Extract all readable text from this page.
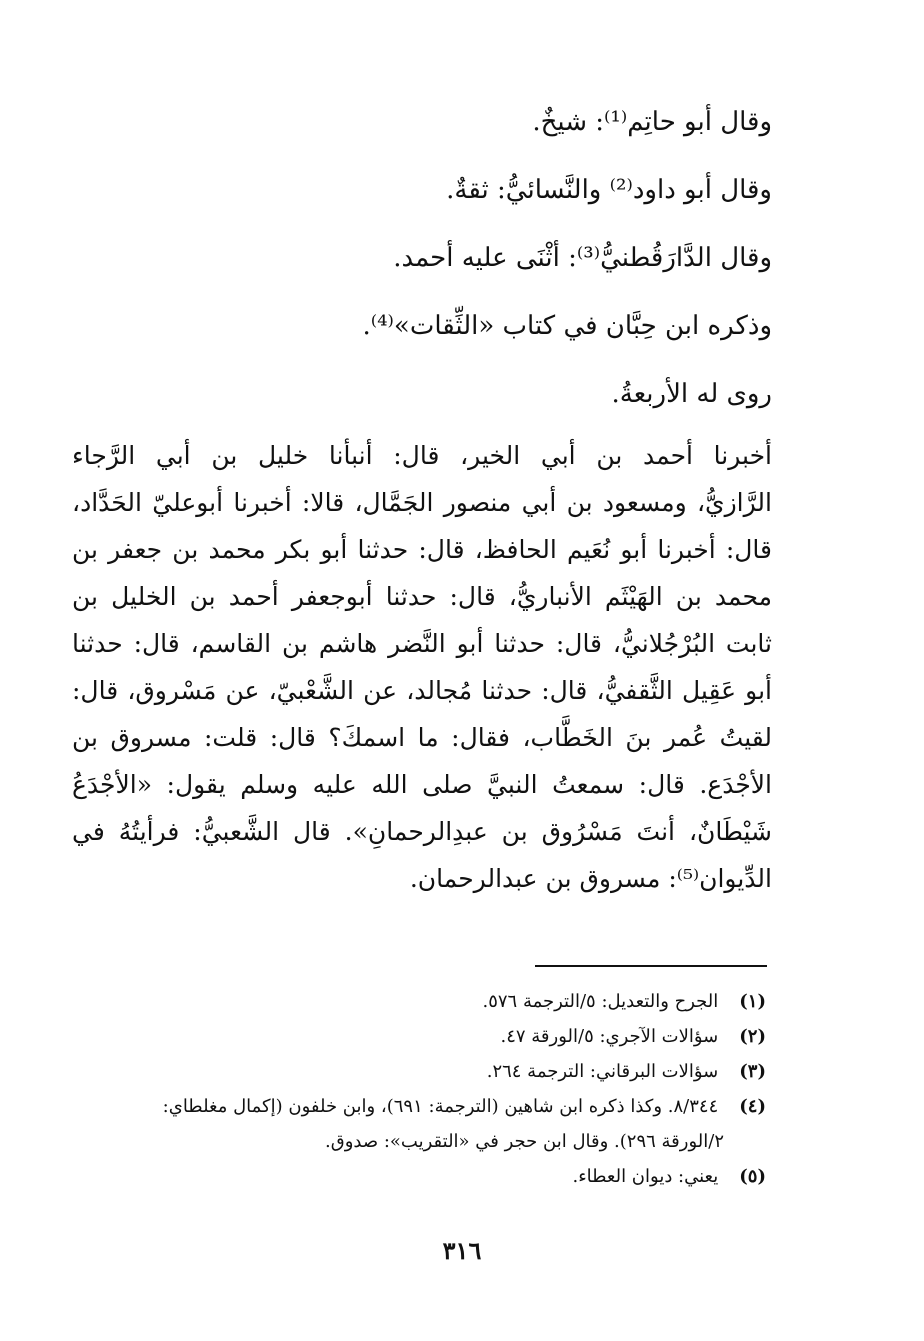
وقال أبو حاتِم⁽¹⁾: شيخٌ.
وقال أبو داود⁽²⁾ والنَّسائيُّ: ثقةٌ.
وقال الدَّارَقُطنيُّ⁽³⁾: أثْنَى عليه أحمد.
وذكره ابن حِبَّان في كتاب «الثِّقات»⁽⁴⁾.
روى له الأربعةُ.
أخبرنا أحمد بن أبي الخير، قال: أنبأنا خليل بن أبي الرَّجاء
الرَّازيُّ، ومسعود بن أبي منصور الجَمَّال، قالا: أخبرنا أبوعليّ الحَدَّاد،
قال: أخبرنا أبو نُعَيم الحافظ، قال: حدثنا أبو بكر محمد بن جعفر بن
محمد بن الهَيْثَم الأنباريُّ، قال: حدثنا أبوجعفر أحمد بن الخليل بن
ثابت البُرْجُلانيُّ، قال: حدثنا أبو النَّضر هاشم بن القاسم، قال: حدثنا
أبو عَقِيل الثَّقفيُّ، قال: حدثنا مُجالد، عن الشَّعْبيّ، عن مَسْروق، قال:
لقيتُ عُمر بنَ الخَطَّاب، فقال: ما اسمكَ؟ قال: قلت: مسروق بن
الأجْدَع. قال: سمعتُ النبيَّ صلى الله عليه وسلم يقول: «الأجْدَعُ
شَيْطَانٌ، أنتَ مَسْرُوق بن عبدِالرحمانِ». قال الشَّعبيُّ: فرأيتُهُ في
الدِّيوان⁽⁵⁾: مسروق بن عبدالرحمان.
(١) الجرح والتعديل: ٥/الترجمة ٥٧٦.
(٢) سؤالات الآجري: ٥/الورقة ٤٧.
(٣) سؤالات البرقاني: الترجمة ٢٦٤.
(٤) ٨/٣٤٤. وكذا ذكره ابن شاهين (الترجمة: ٦٩١)، وابن خلفون (إكمال مغلطاي:
٢/الورقة ٢٩٦). وقال ابن حجر في «التقريب»: صدوق.
(٥) يعني: ديوان العطاء.
٣١٦
